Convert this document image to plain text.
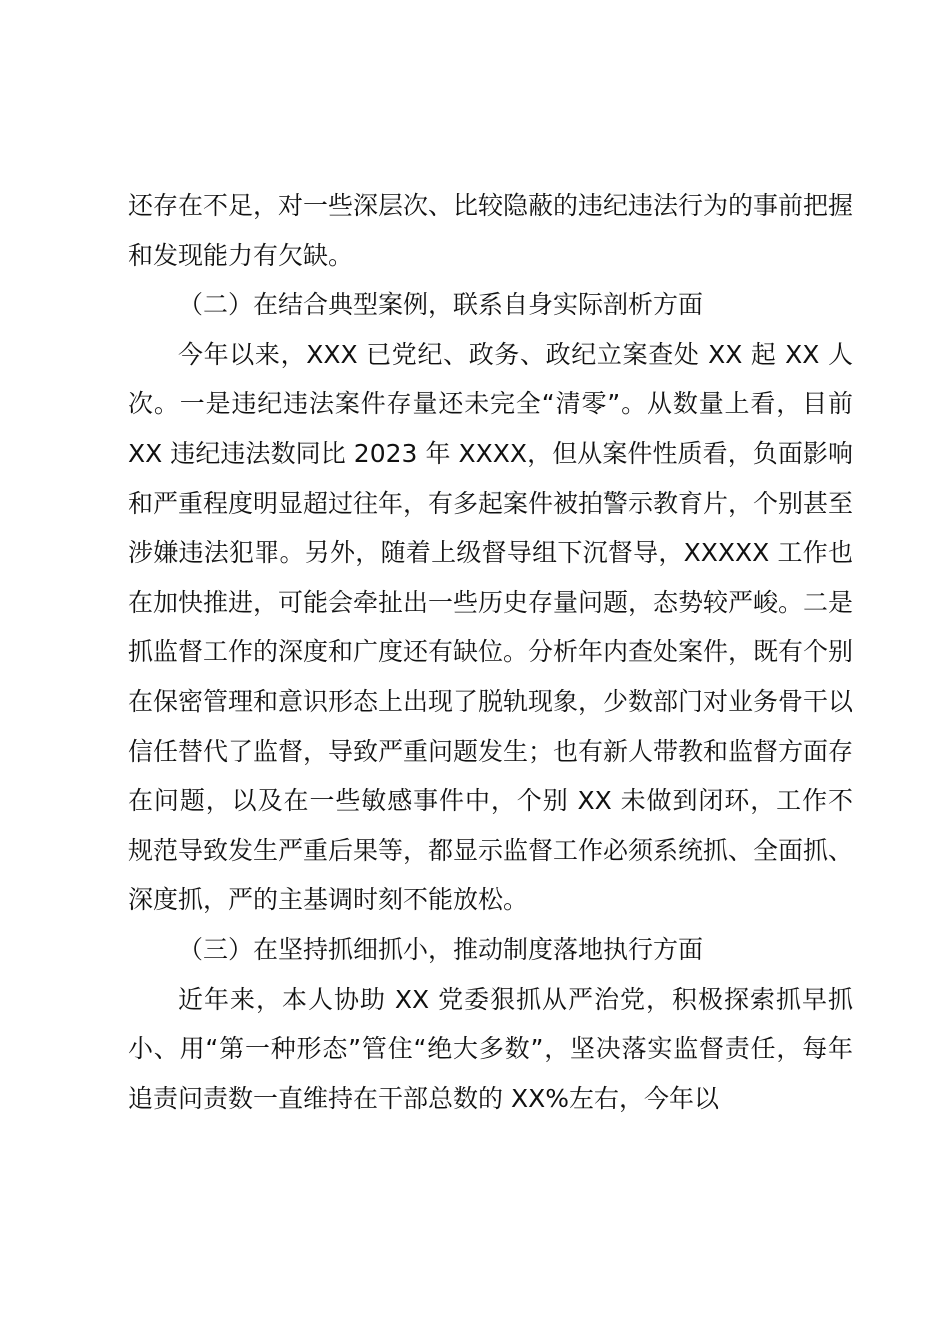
还存在不足，对一些深层次、比较隐蔽的违纪违法行为的事前把握和发现能力有欠缺。

（二）在结合典型案例，联系自身实际剖析方面

今年以来，XXX 已党纪、政务、政纪立案查处 XX 起 XX 人次。一是违纪违法案件存量还未完全“清零”。从数量上看，目前 XX 违纪违法数同比 2023 年 XXXX，但从案件性质看，负面影响和严重程度明显超过往年，有多起案件被拍警示教育片，个别甚至涉嫌违法犯罪。另外，随着上级督导组下沉督导，XXXXX 工作也在加快推进，可能会牵扯出一些历史存量问题，态势较严峻。二是抓监督工作的深度和广度还有缺位。分析年内查处案件，既有个别在保密管理和意识形态上出现了脱轨现象，少数部门对业务骨干以信任替代了监督，导致严重问题发生；也有新人带教和监督方面存在问题，以及在一些敏感事件中，个别 XX 未做到闭环，工作不规范导致发生严重后果等，都显示监督工作必须系统抓、全面抓、深度抓，严的主基调时刻不能放松。

（三）在坚持抓细抓小，推动制度落地执行方面

近年来，本人协助 XX 党委狠抓从严治党，积极探索抓早抓小、用“第一种形态”管住“绝大多数”，坚决落实监督责任，每年追责问责数一直维持在干部总数的 XX%左右，今年以
